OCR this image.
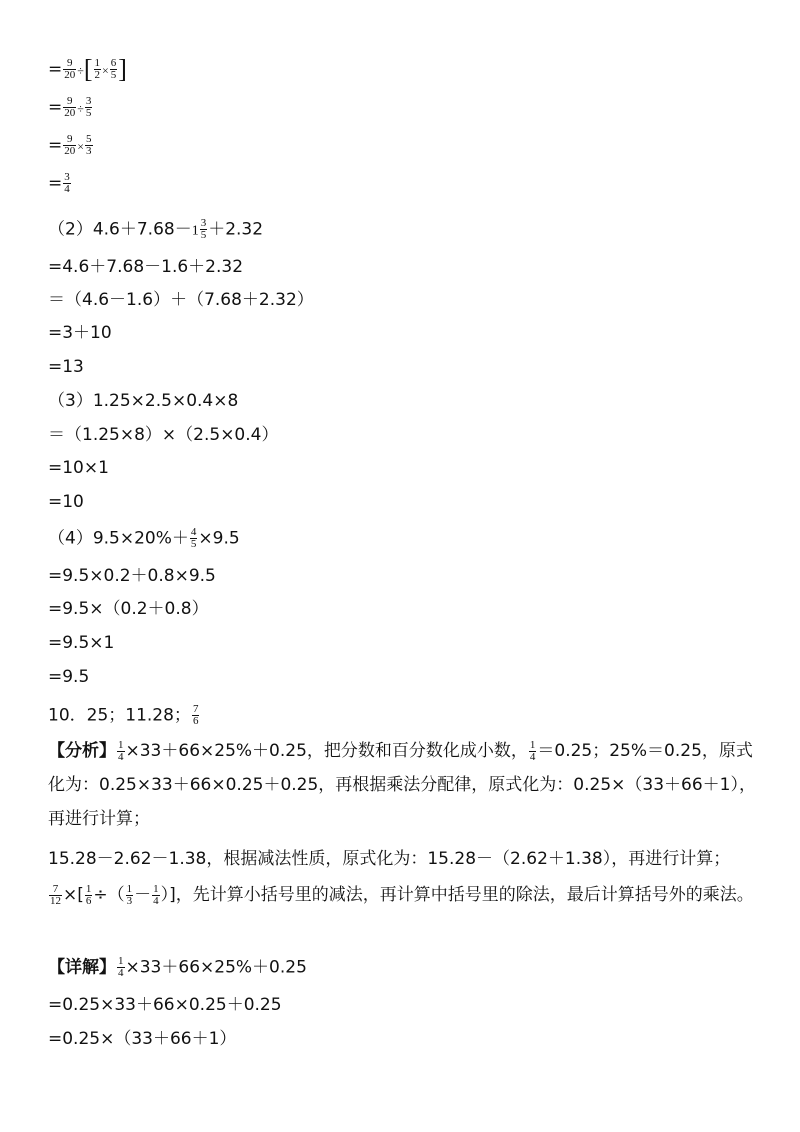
= $\frac{9}{20}$ ÷[ $\frac{1}{2} \times \frac{6}{5}$ ]
= $\frac{9}{20} \div \frac{3}{5}$
= $\frac{9}{20} \times \frac{5}{3}$
= $\frac{3}{4}$
$(2)4.6+7.68-1 \frac{3}{5} +2.32$
=4.6＋7.68－1.6＋2.32
＝（4.6－1.6）＋（7.68＋2.32）
=3＋10
=13
（3）1.25×2.5×0.4×8
＝（1.25×8）×（2.5×0.4）
=10×1
=10
$(4)9.5\times 20\%+ \frac{4}{5} \times 9.5$
=9.5×0.2＋0.8×9.5
=9.5×（0.2＋0.8）
=9.5×1
=9.5
10．25；11.28； $\frac{7}{6}$
【分析】 $\frac{1}{4} \times 33+66\times 25\%+0.25$，把分数和百分数化成小数， $\frac{1}{4} =0.25$；25%＝0.25，原式化为：0.25×33＋66×0.25＋0.25，再根据乘法分配律，原式化为：0.25×（33＋66＋1），再进行计算；
15.28－2.62－1.38，根据减法性质，原式化为：15.28－（2.62＋1.38），再进行计算；
$\frac{7}{12}$ ×[ $\frac{1}{6}$ ÷（ $\frac{1}{3} - \frac{1}{4}$ ）]，先计算小括号里的减法，再计算中括号里的除法，最后计算括号外的乘法。
【详解】 $\frac{1}{4} \times 33+66\times 25\%+0.25$
=0.25×33＋66×0.25＋0.25
=0.25×（33＋66＋1）
